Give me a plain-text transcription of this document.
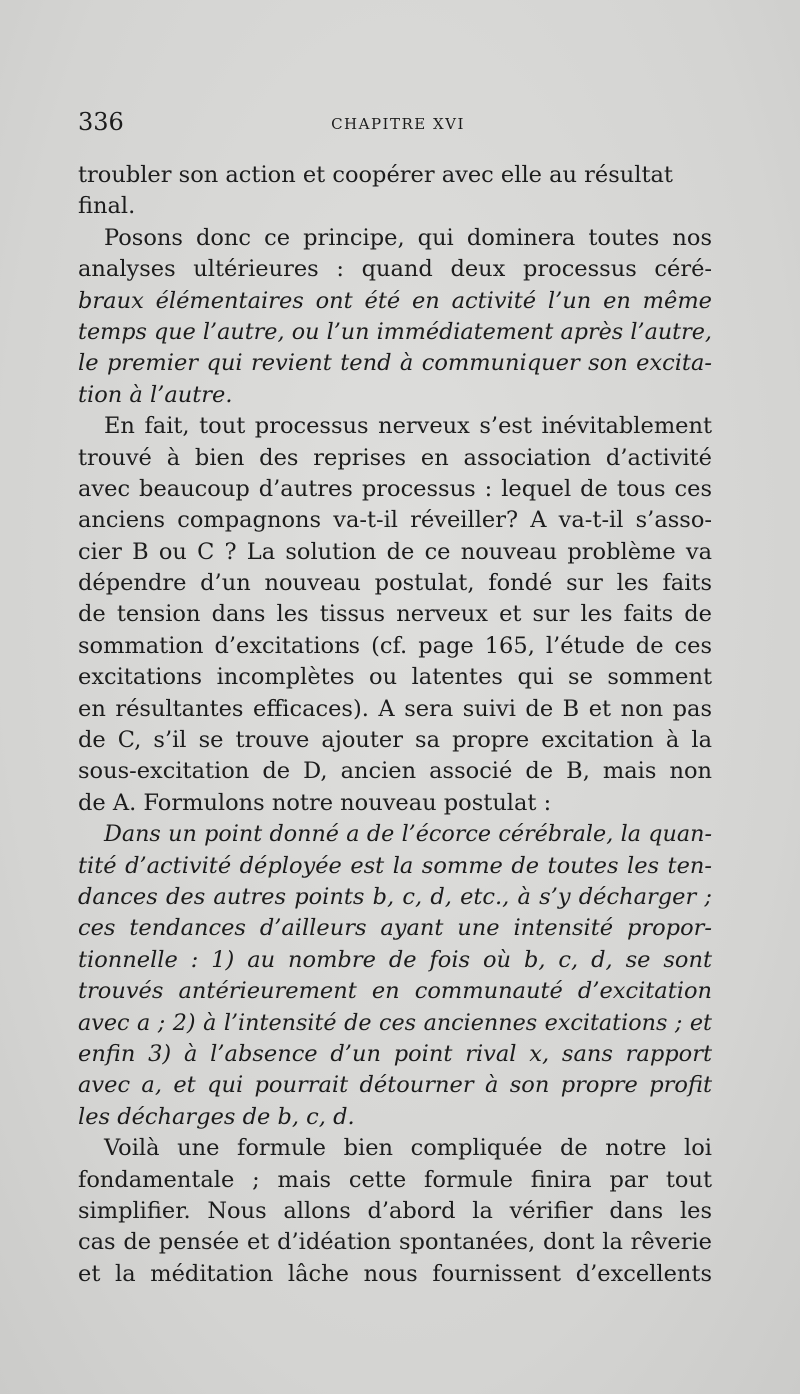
336	CHAPITRE XVI
troubler son action et coopérer avec elle au résultat
final.
Posons donc ce principe, qui dominera toutes nos
analyses ultérieures : quand deux processus céré-
braux élémentaires ont été en activité l’un en même
temps que l’autre, ou l’un immédiatement après l’autre,
le premier qui revient tend à communiquer son excita-
tion à l’autre.
En fait, tout processus nerveux s’est inévitablement
trouvé à bien des reprises en association d’activité
avec beaucoup d’autres processus : lequel de tous ces
anciens compagnons va-t-il réveiller? A va-t-il s’asso-
cier B ou C ? La solution de ce nouveau problème va
dépendre d’un nouveau postulat, fondé sur les faits
de tension dans les tissus nerveux et sur les faits de
sommation d’excitations (cf. page 165, l’étude de ces
excitations incomplètes ou latentes qui se somment
en résultantes efficaces). A sera suivi de B et non pas
de C, s’il se trouve ajouter sa propre excitation à la
sous-excitation de D, ancien associé de B, mais non
de A. Formulons notre nouveau postulat :
Dans un point donné a de l’écorce cérébrale, la quan-
tité d’activité déployée est la somme de toutes les ten-
dances des autres points b, c, d, etc., à s’y décharger ;
ces tendances d’ailleurs ayant une intensité propor-
tionnelle : 1) au nombre de fois où b, c, d, se sont
trouvés antérieurement en communauté d’excitation
avec a ; 2) à l’intensité de ces anciennes excitations ; et
enfin 3) à l’absence d’un point rival x, sans rapport
avec a, et qui pourrait détourner à son propre profit
les décharges de b, c, d.
Voilà une formule bien compliquée de notre loi
fondamentale ; mais cette formule finira par tout
simplifier. Nous allons d’abord la vérifier dans les
cas de pensée et d’idéation spontanées, dont la rêverie
et la méditation lâche nous fournissent d’excellents
